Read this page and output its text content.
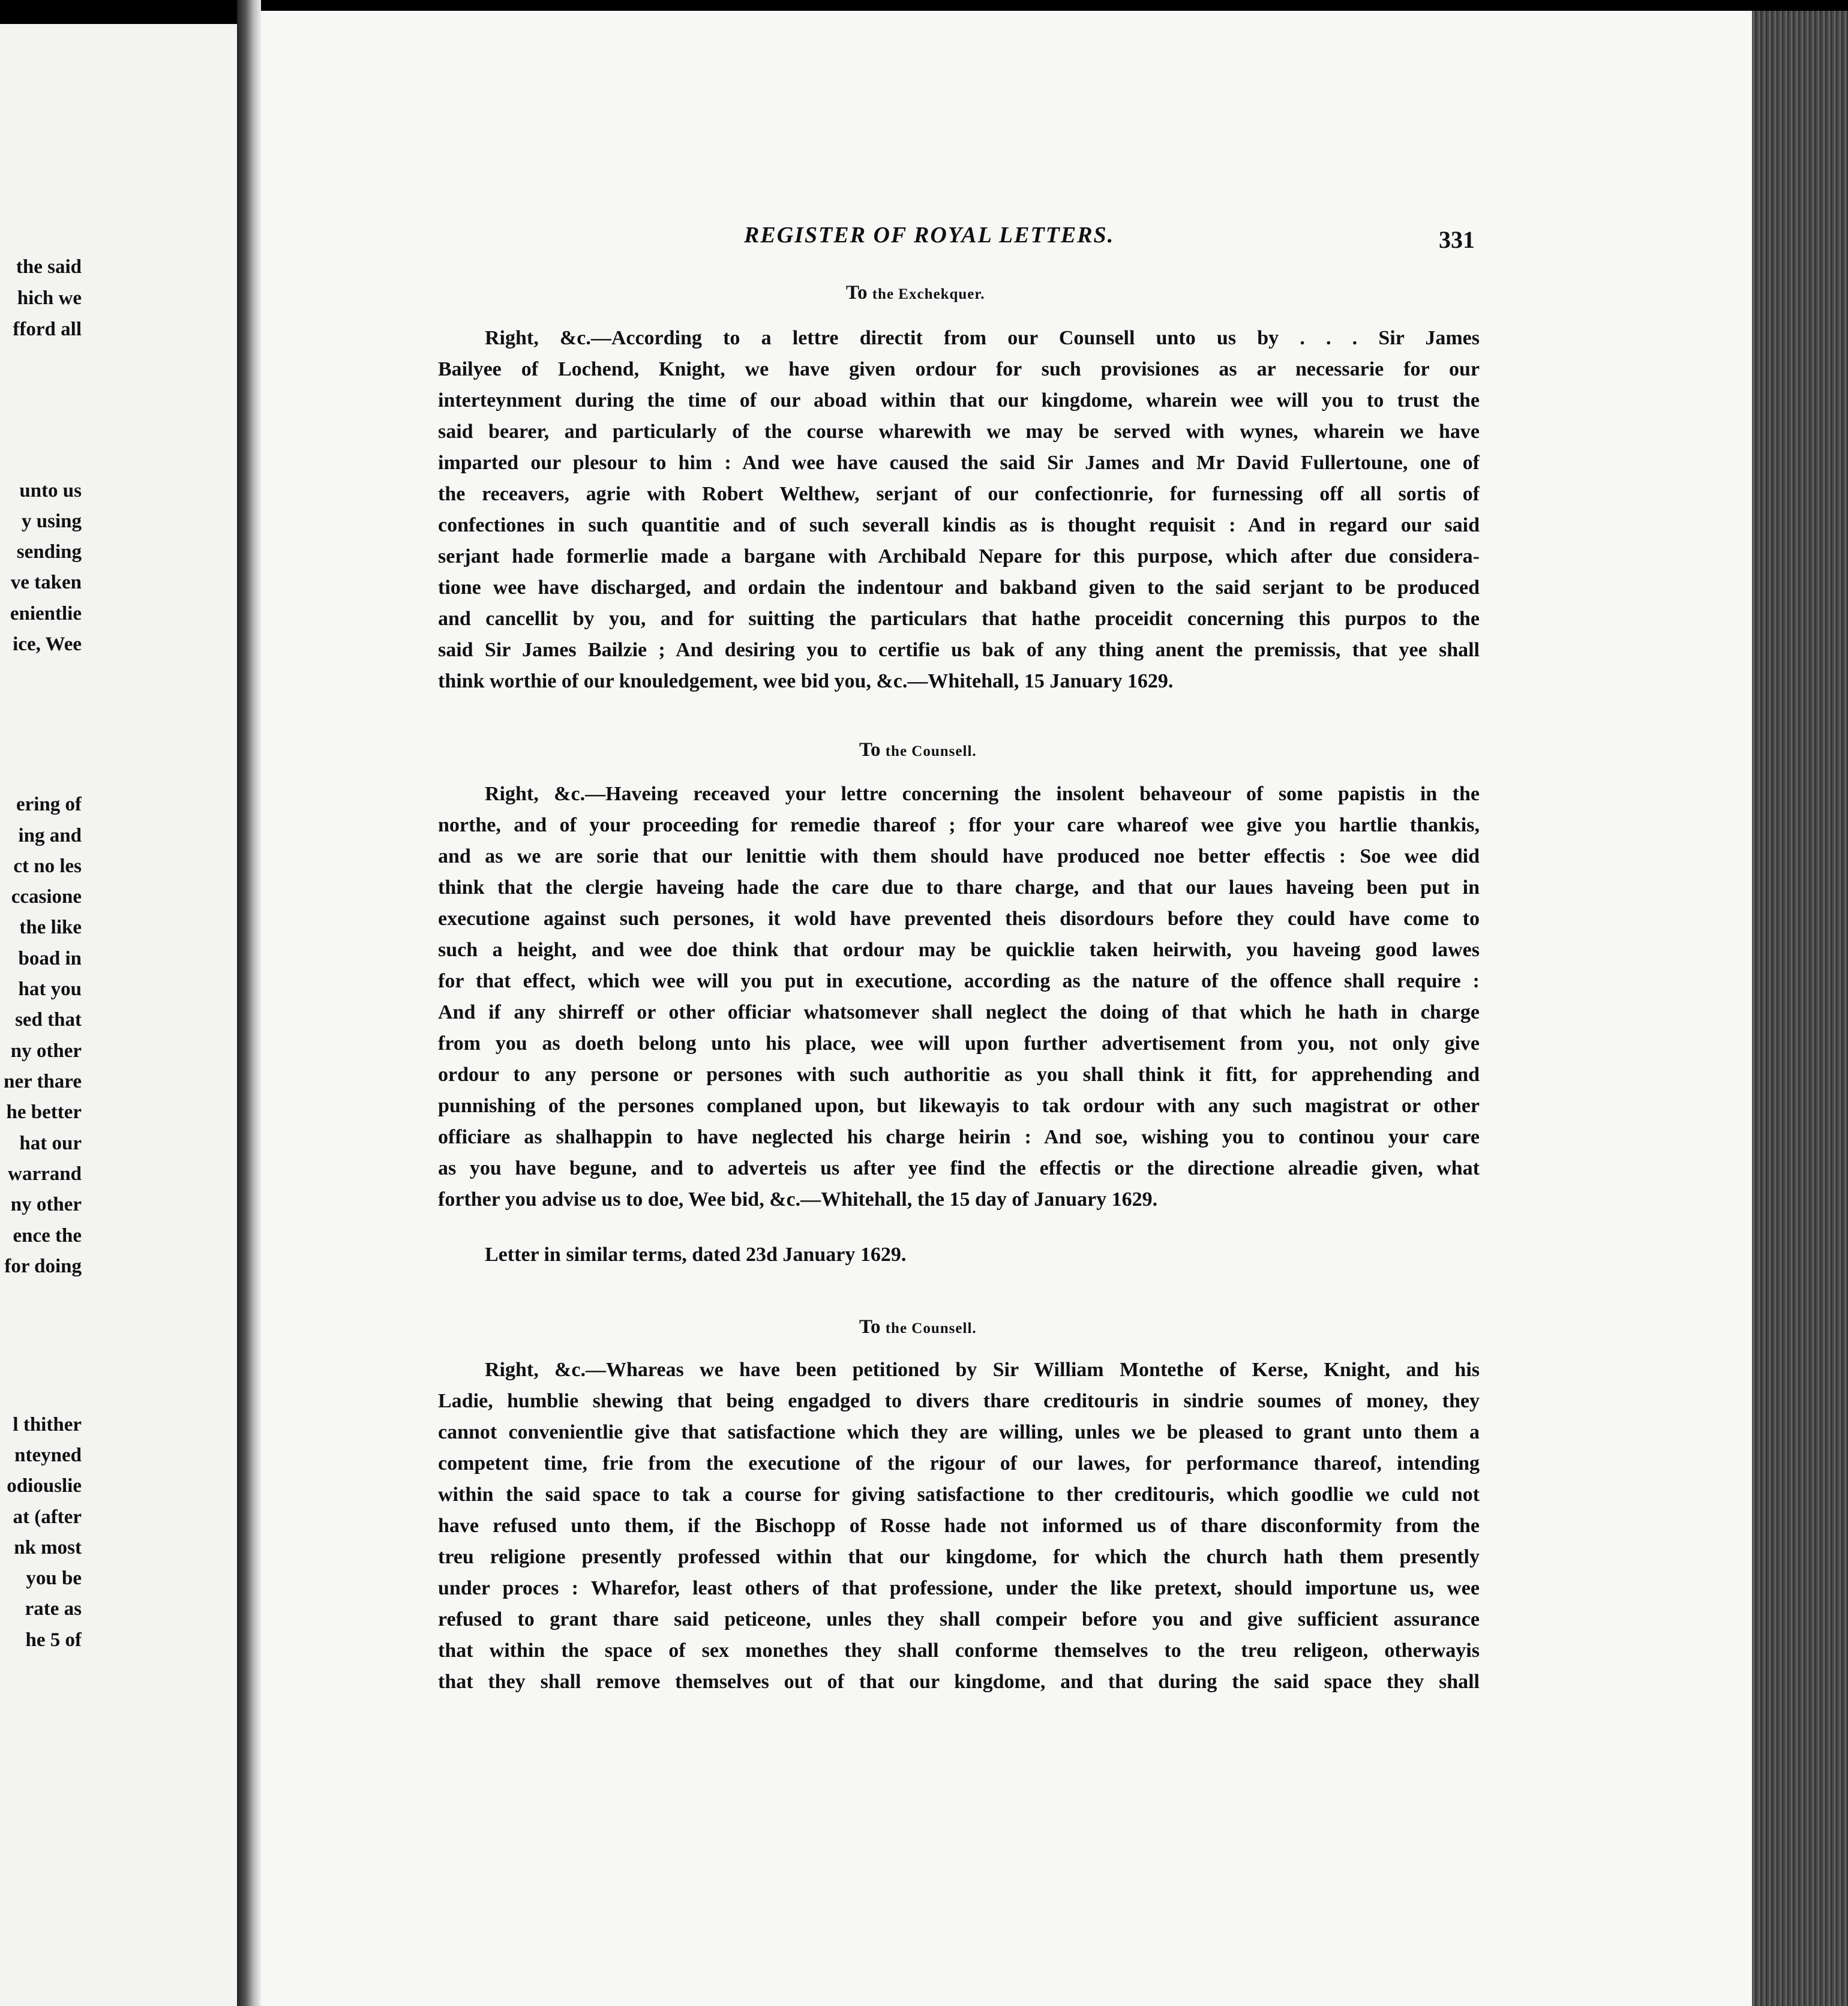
the said
hich we
fford all
unto us
y using
sending
ve taken
enientlie
ice, Wee
ering of
ing and
ct no les
ccasione
the like
boad in
hat you
sed that
ny other
ner thare
he better
hat our
warrand
ny other
ence the
for doing
l thither
nteyned
odiouslie
at (after
nk most
you be
rate as
he 5 of
REGISTER OF ROYAL LETTERS.	331
To the Exchekquer.
Right, &c.—According to a lettre directit from our Counsell unto us by . . . Sir James
Bailyee of Lochend, Knight, we have given ordour for such provisiones as ar necessarie for our
interteynment during the time of our aboad within that our kingdome, wharein wee will you to trust the
said bearer, and particularly of the course wharewith we may be served with wynes, wharein we have
imparted our plesour to him : And wee have caused the said Sir James and Mr David Fullertoune, one of
the receavers, agrie with Robert Welthew, serjant of our confectionrie, for furnessing off all sortis of
confectiones in such quantitie and of such severall kindis as is thought requisit : And in regard our said
serjant hade formerlie made a bargane with Archibald Nepare for this purpose, which after due considera-
tione wee have discharged, and ordain the indentour and bakband given to the said serjant to be produced
and cancellit by you, and for suitting the particulars that hathe proceidit concerning this purpos to the
said Sir James Bailzie ; And desiring you to certifie us bak of any thing anent the premissis, that yee shall
think worthie of our knouledgement, wee bid you, &c.—Whitehall, 15 January 1629.
To the Counsell.
Right, &c.—Haveing receaved your lettre concerning the insolent behaveour of some papistis in the
northe, and of your proceeding for remedie thareof ; ffor your care whareof wee give you hartlie thankis,
and as we are sorie that our lenittie with them should have produced noe better effectis : Soe wee did
think that the clergie haveing hade the care due to thare charge, and that our laues haveing been put in
executione against such persones, it wold have prevented theis disordours before they could have come to
such a height, and wee doe think that ordour may be quicklie taken heirwith, you haveing good lawes
for that effect, which wee will you put in executione, according as the nature of the offence shall require :
And if any shirreff or other officiar whatsomever shall neglect the doing of that which he hath in charge
from you as doeth belong unto his place, wee will upon further advertisement from you, not only give
ordour to any persone or persones with such authoritie as you shall think it fitt, for apprehending and
punnishing of the persones complaned upon, but likewayis to tak ordour with any such magistrat or other
officiare as shalhappin to have neglected his charge heirin : And soe, wishing you to continou your care
as you have begune, and to adverteis us after yee find the effectis or the directione alreadie given, what
forther you advise us to doe, Wee bid, &c.—Whitehall, the 15 day of January 1629.
Letter in similar terms, dated 23d January 1629.
To the Counsell.
Right, &c.—Whareas we have been petitioned by Sir William Montethe of Kerse, Knight, and his
Ladie, humblie shewing that being engadged to divers thare creditouris in sindrie soumes of money, they
cannot convenientlie give that satisfactione which they are willing, unles we be pleased to grant unto them a
competent time, frie from the executione of the rigour of our lawes, for performance thareof, intending
within the said space to tak a course for giving satisfactione to ther creditouris, which goodlie we culd not
have refused unto them, if the Bischopp of Rosse hade not informed us of thare disconformity from the
treu religione presently professed within that our kingdome, for which the church hath them presently
under proces : Wharefor, least others of that professione, under the like pretext, should importune us, wee
refused to grant thare said peticeone, unles they shall compeir before you and give sufficient assurance
that within the space of sex monethes they shall conforme themselves to the treu religeon, otherwayis
that they shall remove themselves out of that our kingdome, and that during the said space they shall
